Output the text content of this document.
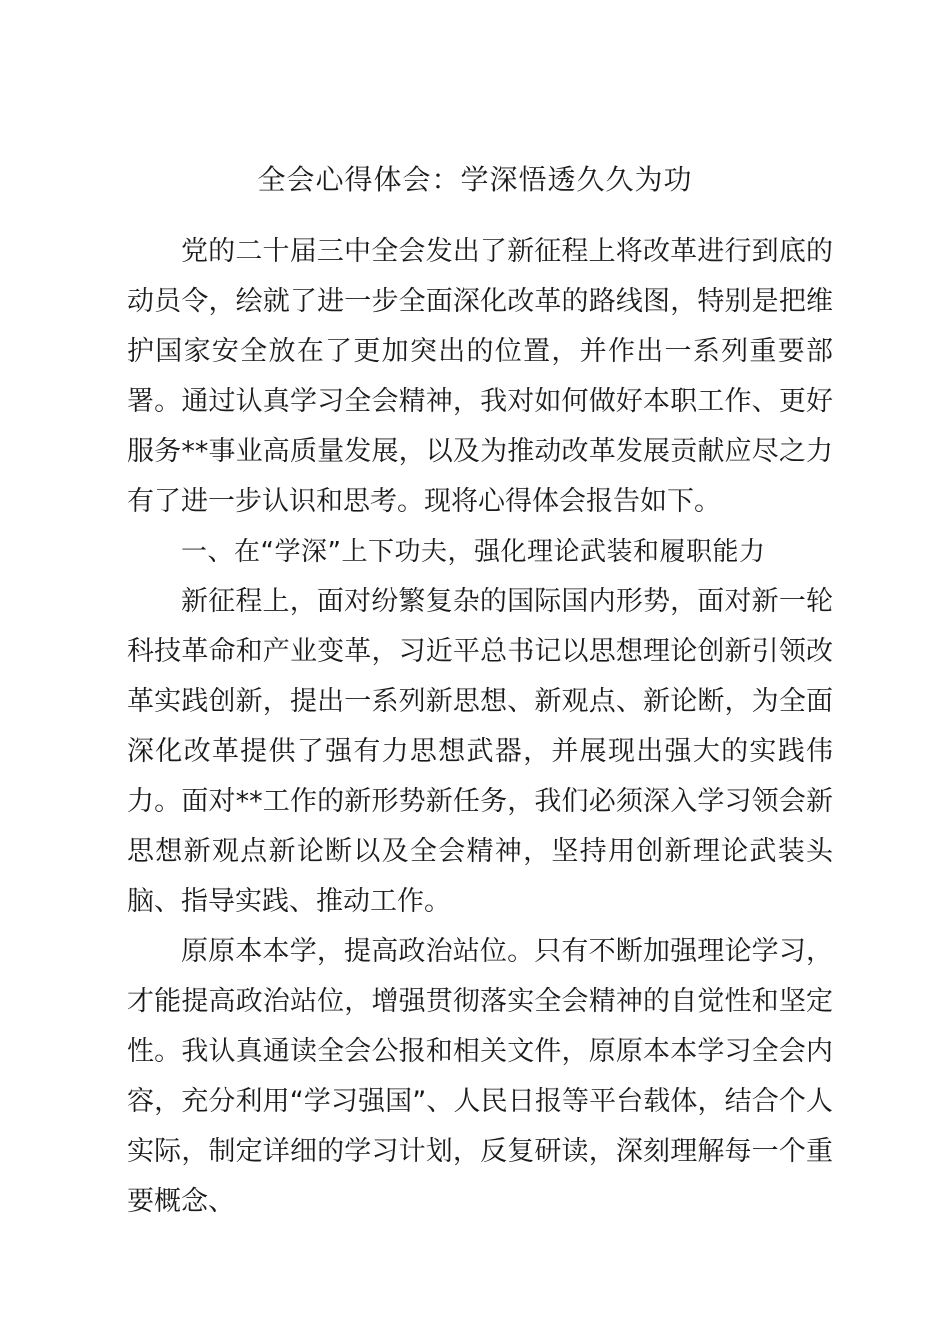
全会心得体会：学深悟透久久为功

党的二十届三中全会发出了新征程上将改革进行到底的动员令，绘就了进一步全面深化改革的路线图，特别是把维护国家安全放在了更加突出的位置，并作出一系列重要部署。通过认真学习全会精神，我对如何做好本职工作、更好服务**事业高质量发展，以及为推动改革发展贡献应尽之力有了进一步认识和思考。现将心得体会报告如下。

一、在“学深”上下功夫，强化理论武装和履职能力

新征程上，面对纷繁复杂的国际国内形势，面对新一轮科技革命和产业变革，习近平总书记以思想理论创新引领改革实践创新，提出一系列新思想、新观点、新论断，为全面深化改革提供了强有力思想武器，并展现出强大的实践伟力。面对**工作的新形势新任务，我们必须深入学习领会新思想新观点新论断以及全会精神，坚持用创新理论武装头脑、指导实践、推动工作。

原原本本学，提高政治站位。只有不断加强理论学习，才能提高政治站位，增强贯彻落实全会精神的自觉性和坚定性。我认真通读全会公报和相关文件，原原本本学习全会内容，充分利用“学习强国”、人民日报等平台载体，结合个人实际，制定详细的学习计划，反复研读，深刻理解每一个重要概念、
